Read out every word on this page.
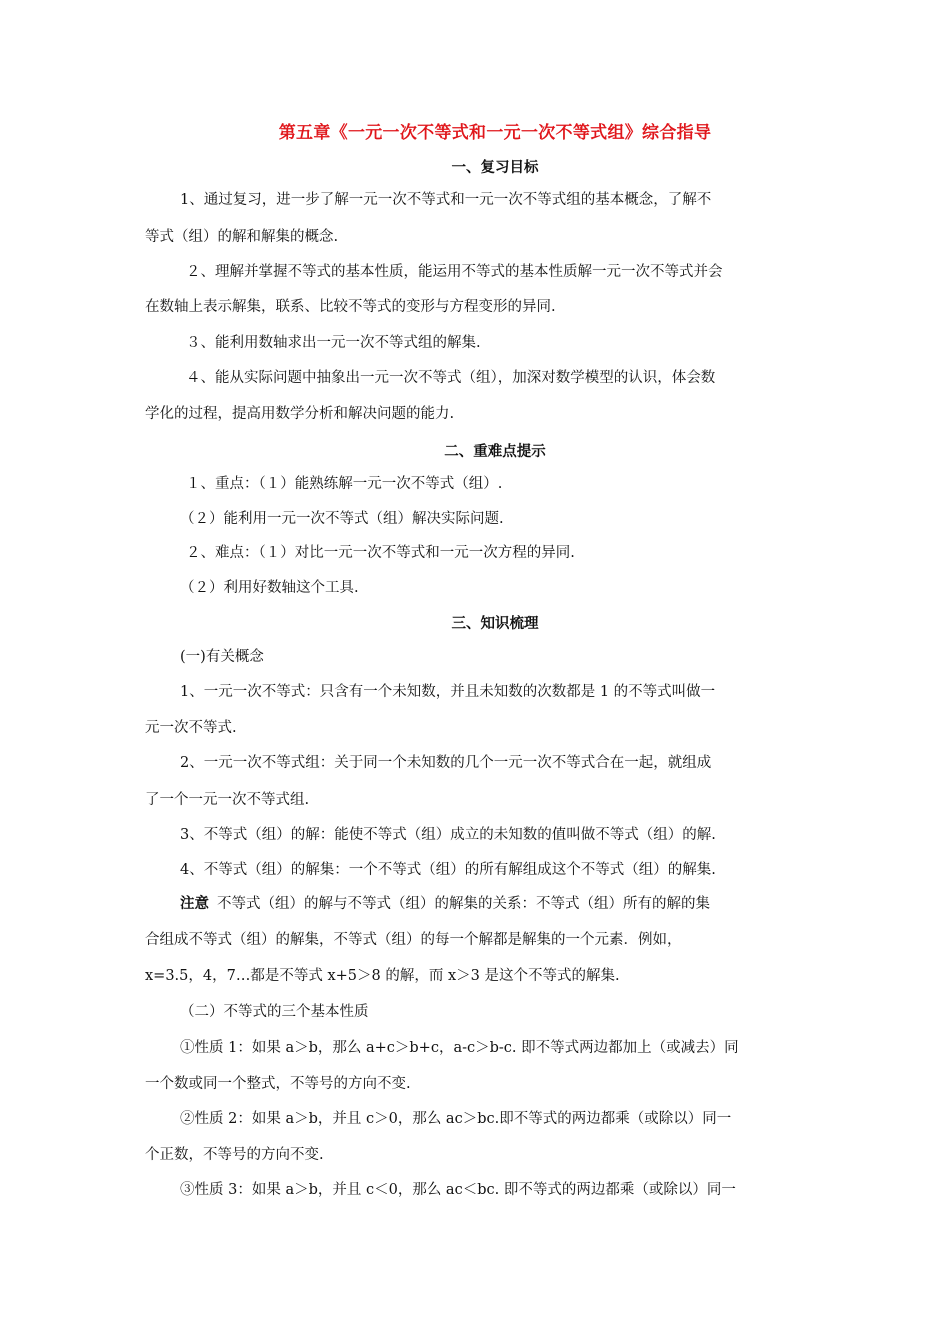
第五章《一元一次不等式和一元一次不等式组》综合指导
一、复习目标
1、通过复习，进一步了解一元一次不等式和一元一次不等式组的基本概念，了解不
等式（组）的解和解集的概念.
２、理解并掌握不等式的基本性质，能运用不等式的基本性质解一元一次不等式并会
在数轴上表示解集，联系、比较不等式的变形与方程变形的异同.
３、能利用数轴求出一元一次不等式组的解集.
４、能从实际问题中抽象出一元一次不等式（组），加深对数学模型的认识，体会数
学化的过程，提高用数学分析和解决问题的能力.
二、重难点提示
１、重点：（１）能熟练解一元一次不等式（组）.
（２）能利用一元一次不等式（组）解决实际问题.
２、难点：（１）对比一元一次不等式和一元一次方程的异同.
（２）利用好数轴这个工具.
三、知识梳理
(一)有关概念
1、一元一次不等式：只含有一个未知数，并且未知数的次数都是 1 的不等式叫做一
元一次不等式.
2、一元一次不等式组：关于同一个未知数的几个一元一次不等式合在一起，就组成
了一个一元一次不等式组.
3、不等式（组）的解：能使不等式（组）成立的未知数的值叫做不等式（组）的解.
4、不等式（组）的解集：一个不等式（组）的所有解组成这个不等式（组）的解集.
注意 不等式（组）的解与不等式（组）的解集的关系：不等式（组）所有的解的集
合组成不等式（组）的解集，不等式（组）的每一个解都是解集的一个元素．例如，
x=3.5，4，7…都是不等式 x+5＞8 的解，而 x＞3 是这个不等式的解集.
（二）不等式的三个基本性质
①性质 1：如果 a＞b，那么 a+c＞b+c，a-c＞b-c. 即不等式两边都加上（或减去）同
一个数或同一个整式，不等号的方向不变.
②性质 2：如果 a＞b，并且 c＞0，那么 ac＞bc.即不等式的两边都乘（或除以）同一
个正数，不等号的方向不变.
③性质 3：如果 a＞b，并且 c＜0，那么 ac＜bc. 即不等式的两边都乘（或除以）同一
